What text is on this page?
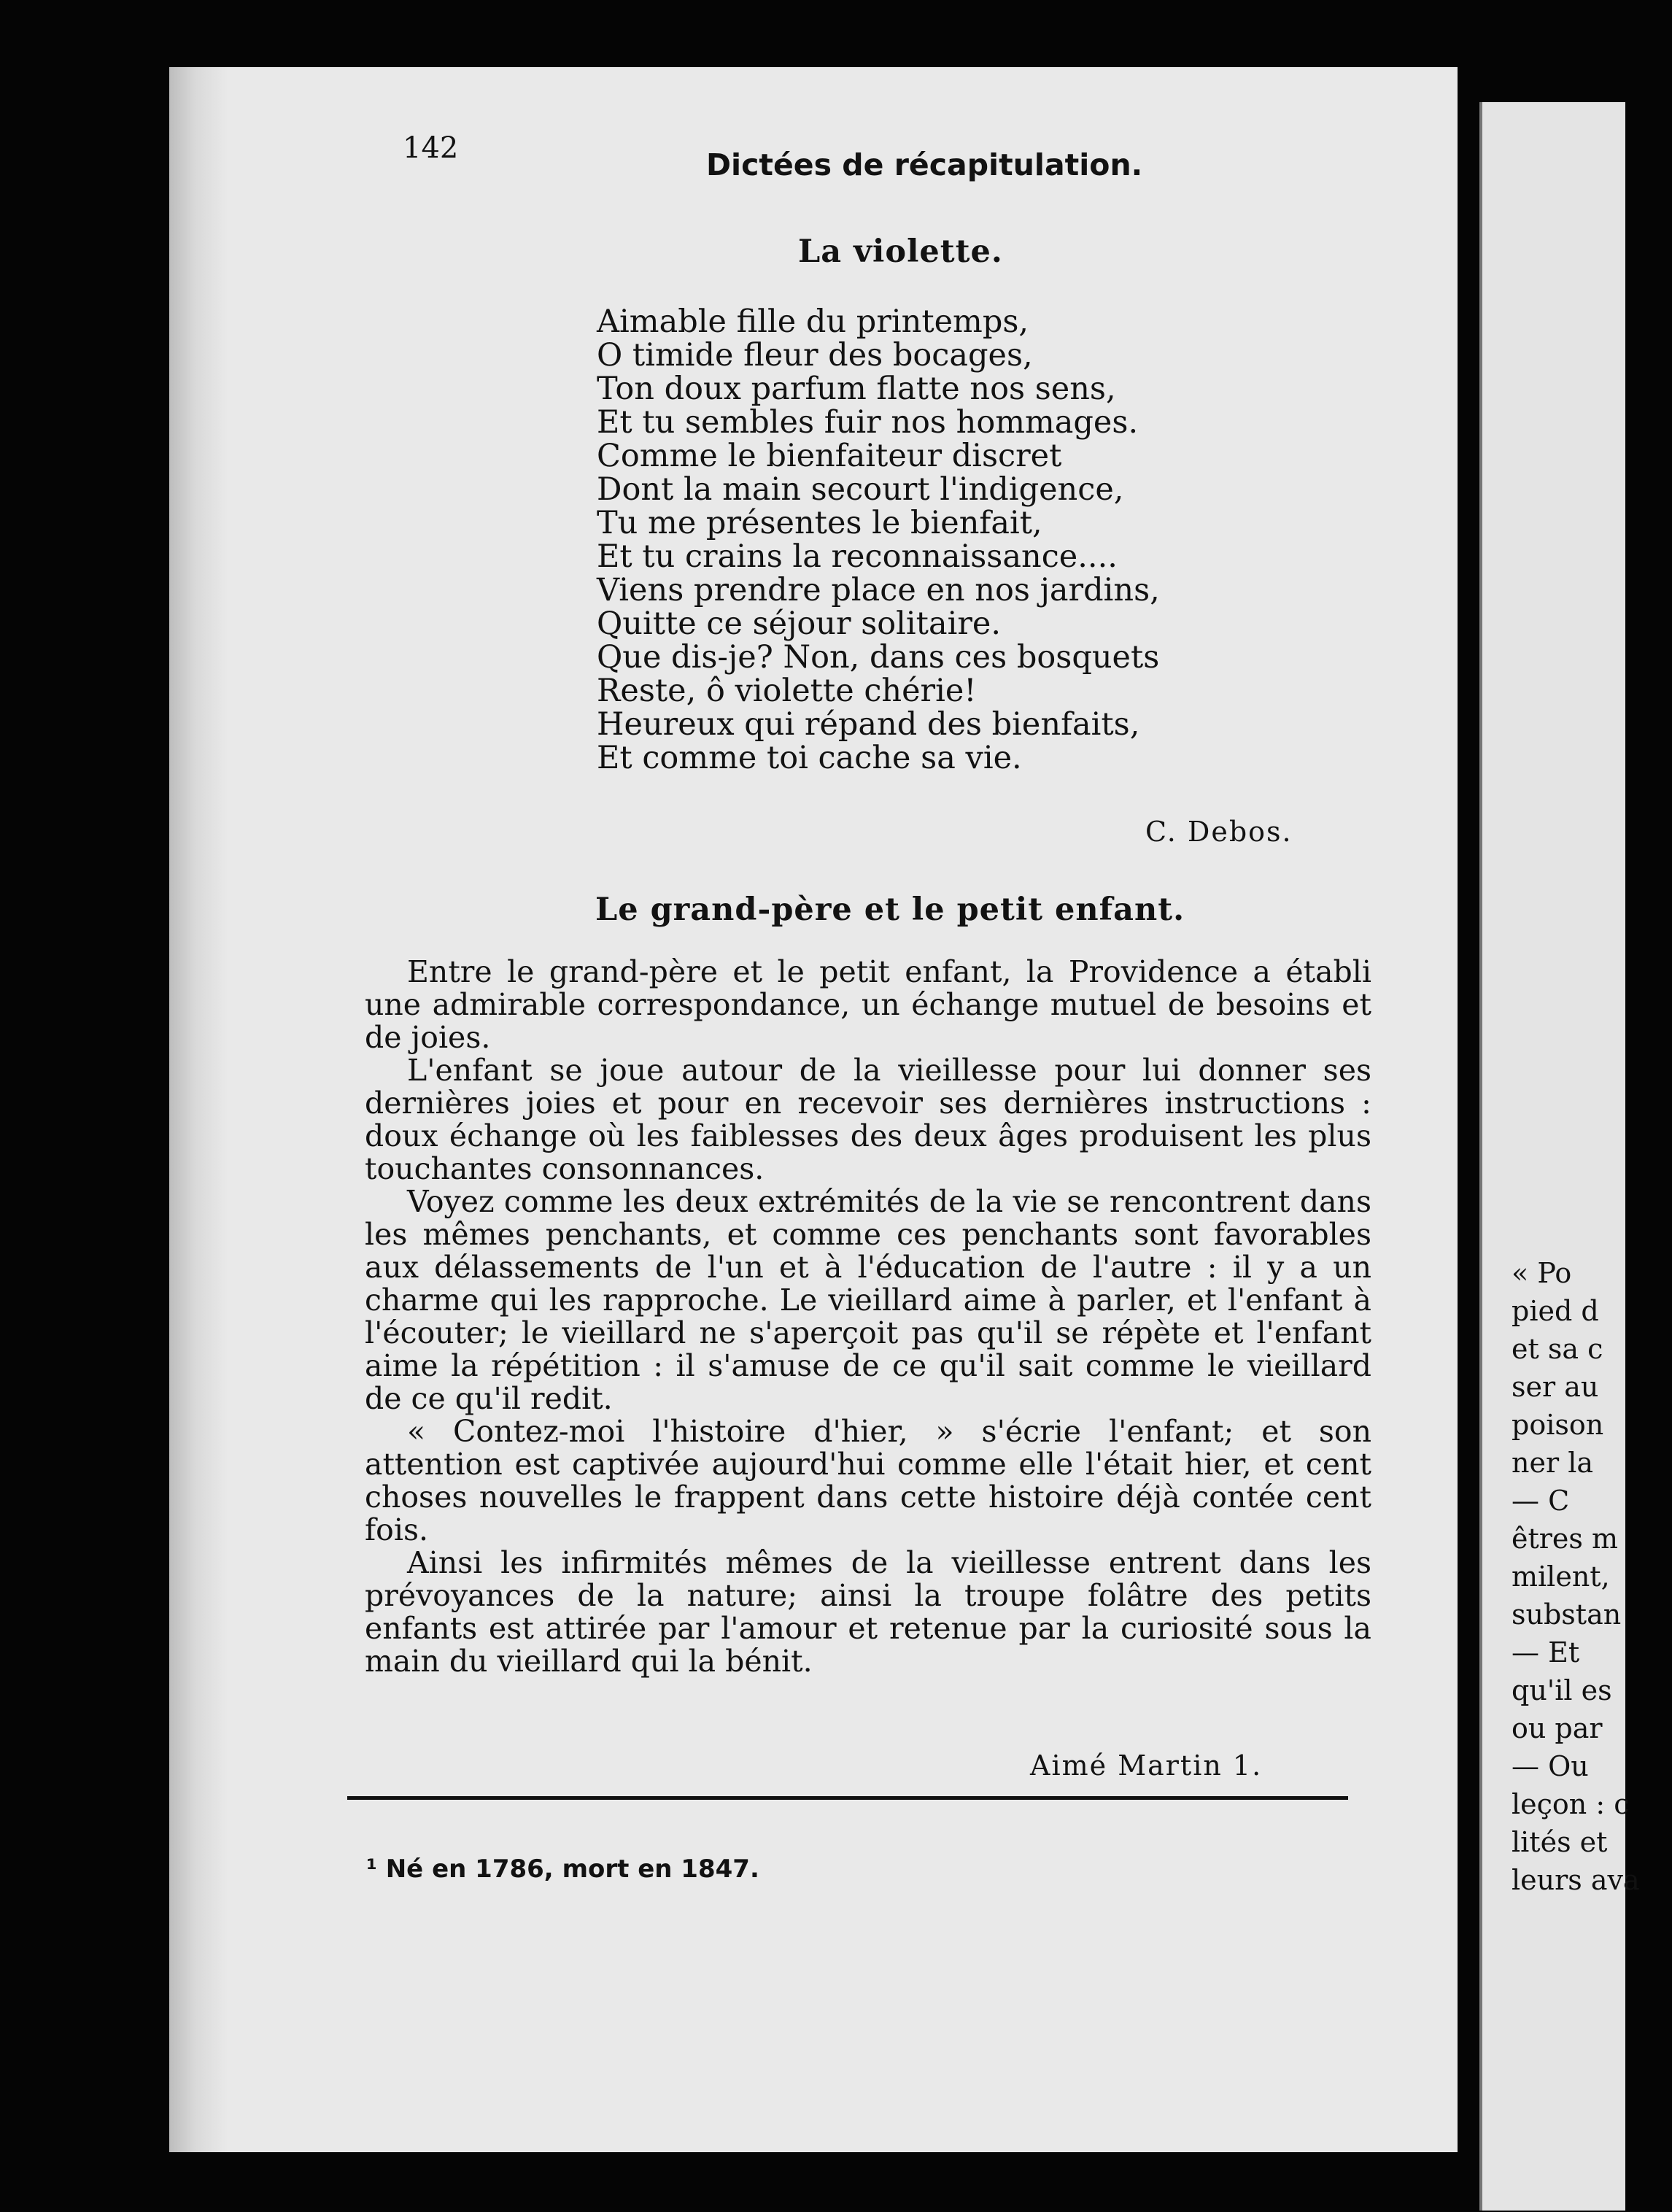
« Po
pied d
et sa c
ser au
poison
ner la
— C
êtres m
milent,
substan
— Et
qu'il es
ou par
— Ou
leçon : c
lités et
leurs ava
142	Dictées de récapitulation.
La violette.
Aimable fille du printemps,
O timide fleur des bocages,
Ton doux parfum flatte nos sens,
Et tu sembles fuir nos hommages.
Comme le bienfaiteur discret
Dont la main secourt l'indigence,
Tu me présentes le bienfait,
Et tu crains la reconnaissance....
Viens prendre place en nos jardins,
Quitte ce séjour solitaire.
Que dis-je? Non, dans ces bosquets
Reste, ô violette chérie!
Heureux qui répand des bienfaits,
Et comme toi cache sa vie.
C. Debos.
Le grand-père et le petit enfant.

Entre le grand-père et le petit enfant, la Providence a établi une admirable correspondance, un échange mutuel de besoins et de joies.

L'enfant se joue autour de la vieillesse pour lui donner ses dernières joies et pour en recevoir ses dernières instructions : doux échange où les faiblesses des deux âges produisent les plus touchantes consonnances.

Voyez comme les deux extrémités de la vie se rencontrent dans les mêmes penchants, et comme ces penchants sont favorables aux délassements de l'un et à l'éducation de l'autre : il y a un charme qui les rapproche. Le vieillard aime à parler, et l'enfant à l'écouter; le vieillard ne s'aperçoit pas qu'il se répète et l'enfant aime la répétition : il s'amuse de ce qu'il sait comme le vieillard de ce qu'il redit.

« Contez-moi l'histoire d'hier, » s'écrie l'enfant; et son attention est captivée aujourd'hui comme elle l'était hier, et cent choses nouvelles le frappent dans cette histoire déjà contée cent fois.

Ainsi les infirmités mêmes de la vieillesse entrent dans les prévoyances de la nature; ainsi la troupe folâtre des petits enfants est attirée par l'amour et retenue par la curiosité sous la main du vieillard qui la bénit.

Aimé Martin 1.
¹ Né en 1786, mort en 1847.
